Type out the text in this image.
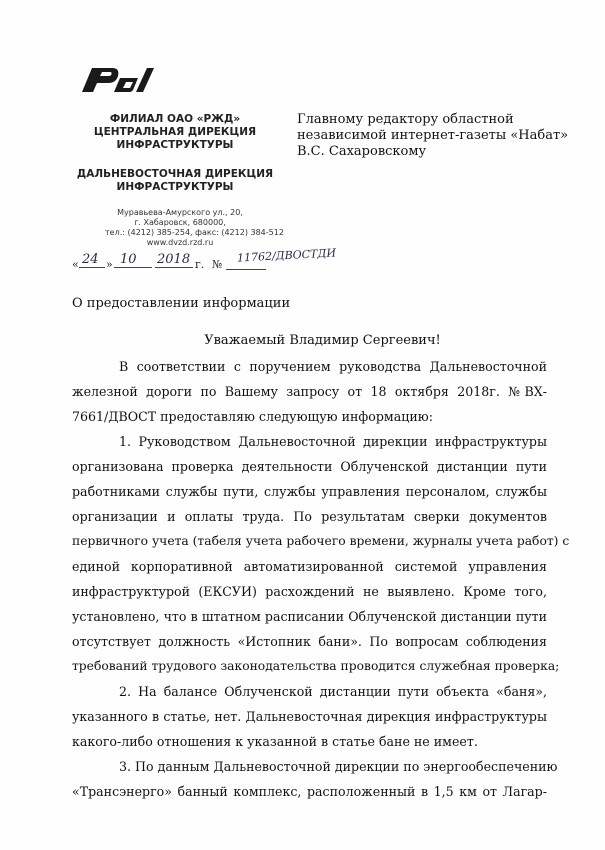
ФИЛИАЛ ОАО «РЖД»
ЦЕНТРАЛЬНАЯ ДИРЕКЦИЯ
ИНФРАСТРУКТУРЫ
ДАЛЬНЕВОСТОЧНАЯ ДИРЕКЦИЯ
ИНФРАСТРУКТУРЫ
Муравьева-Амурского ул., 20,
г. Хабаровск, 680000,
тел.: (4212) 385-254, факс: (4212) 384-512
www.dvzd.rzd.ru
Главному редактору областной
независимой интернет-газеты «Набат»
В.С. Сахаровскому
« 24 » 10 2018 г. № 11762/ДВОСТДИ
О предоставлении информации
Уважаемый Владимир Сергеевич!
В соответствии с поручением руководства Дальневосточной
железной дороги по Вашему запросу от 18 октября 2018г. №ВХ-
7661/ДВОСТ предоставляю следующую информацию:
1. Руководством Дальневосточной дирекции инфраструктуры
организована проверка деятельности Облученской дистанции пути
работниками службы пути, службы управления персоналом, службы
организации и оплаты труда. По результатам сверки документов
первичного учета (табеля учета рабочего времени, журналы учета работ) с
единой корпоративной автоматизированной системой управления
инфраструктурой (ЕКСУИ) расхождений не выявлено. Кроме того,
установлено, что в штатном расписании Облученской дистанции пути
отсутствует должность «Истопник бани». По вопросам соблюдения
требований трудового законодательства проводится служебная проверка;
2. На балансе Облученской дистанции пути объекта «баня»,
указанного в статье, нет. Дальневосточная дирекция инфраструктуры
какого-либо отношения к указанной в статье бане не имеет.
3. По данным Дальневосточной дирекции по энергообеспечению
«Трансэнерго» банный комплекс, расположенный в 1,5 км от Лагар-
